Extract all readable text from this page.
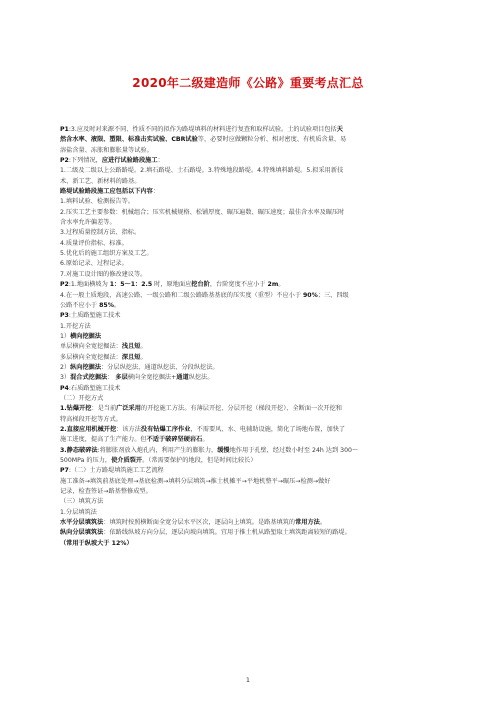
2020年二级建造师《公路》重要考点汇总
P1:3.应及时对来源不同、性质不同的拟作为路堤填料的材料进行复查和取样试验。土的试验项目包括天
然含水率、液限、塑限、标准击实试验、CBR试验等，必要时应做颗粒分析、相对密度、有机质含量、易
溶盐含量、冻胀和膨胀量等试验。
P2:下列情况，应进行试验路段施工：
1.二级及二级以上公路路堤。2.填石路堤、土石路堤。3.特殊地段路堤。4.特殊填料路堤。5.拟采用新技
术、新工艺、新材料的路基。
路堤试验路段施工应包括以下内容：
1.填料试验、检测报告等。
2.压实工艺主要参数：机械组合；压实机械规格、松铺厚度、碾压遍数、碾压速度；最佳含水率及碾压时
含水率允许偏差等。
3.过程质量控制方法、指标。
4.质量评价指标、标准。
5.优化后的施工组织方案及工艺。
6.原始记录、过程记录。
7.对施工设计图的修改建议等。
P2:1.地面横坡为 1：5～1：2.5 时，原地面应挖台阶，台阶宽度不应小于 2m。
4.在一般土质地段，高速公路、一级公路和二级公路路基基底的压实度（重型）不应小于 90%；三、四级
公路不应小于 85%。
P3:土质路堑施工技术
1.开挖方法
1）横向挖掘法
单层横向全宽挖掘法：浅且短。
多层横向全宽挖掘法：深且短。
2）纵向挖掘法：分层纵挖法、通道纵挖法、分段纵挖法。
3）混合式挖掘法： 多层横向全宽挖掘法+通道纵挖法。
P4:石质路堑施工技术
（二）开挖方式
1.钻爆开挖：是当前广泛采用的开挖施工方法。有薄层开挖、分层开挖（梯段开挖）、全断面一次开挖和
特高梯段开挖等方式。
2.直接应用机械开挖：该方法没有钻爆工序作业，不需要风、水、电辅助设施，简化了场地布置，加快了
施工进度，提高了生产能力。但不适于破碎坚硬岩石。
3.静态破碎法:将膨胀剂放入炮孔内，利用产生的膨胀力，缓慢地作用于孔壁，经过数小时至 24h 达到 300～
500MPa 的压力，使介质裂开。（常需要保护的地段，但是时间比较长）
P7:（二）土方路堤填筑施工工艺流程
施工准备→填筑前基底处理→基底检测→填料分层填筑→推土机摊平→平地机整平→碾压→检测→做好
记录，检查签证→路基整修成型。
（三）填筑方法
1.分层填筑法
水平分层填筑法：填筑时按照横断面全宽分层水平区次，逐层向上填筑。是路基填筑的常用方法。
纵向分层填筑法：依路线纵坡方向分层，逐层向坡向填筑。宜用于推土机从路堑取土填筑距离较短的路堤。
（常用于纵坡大于 12%）
1
